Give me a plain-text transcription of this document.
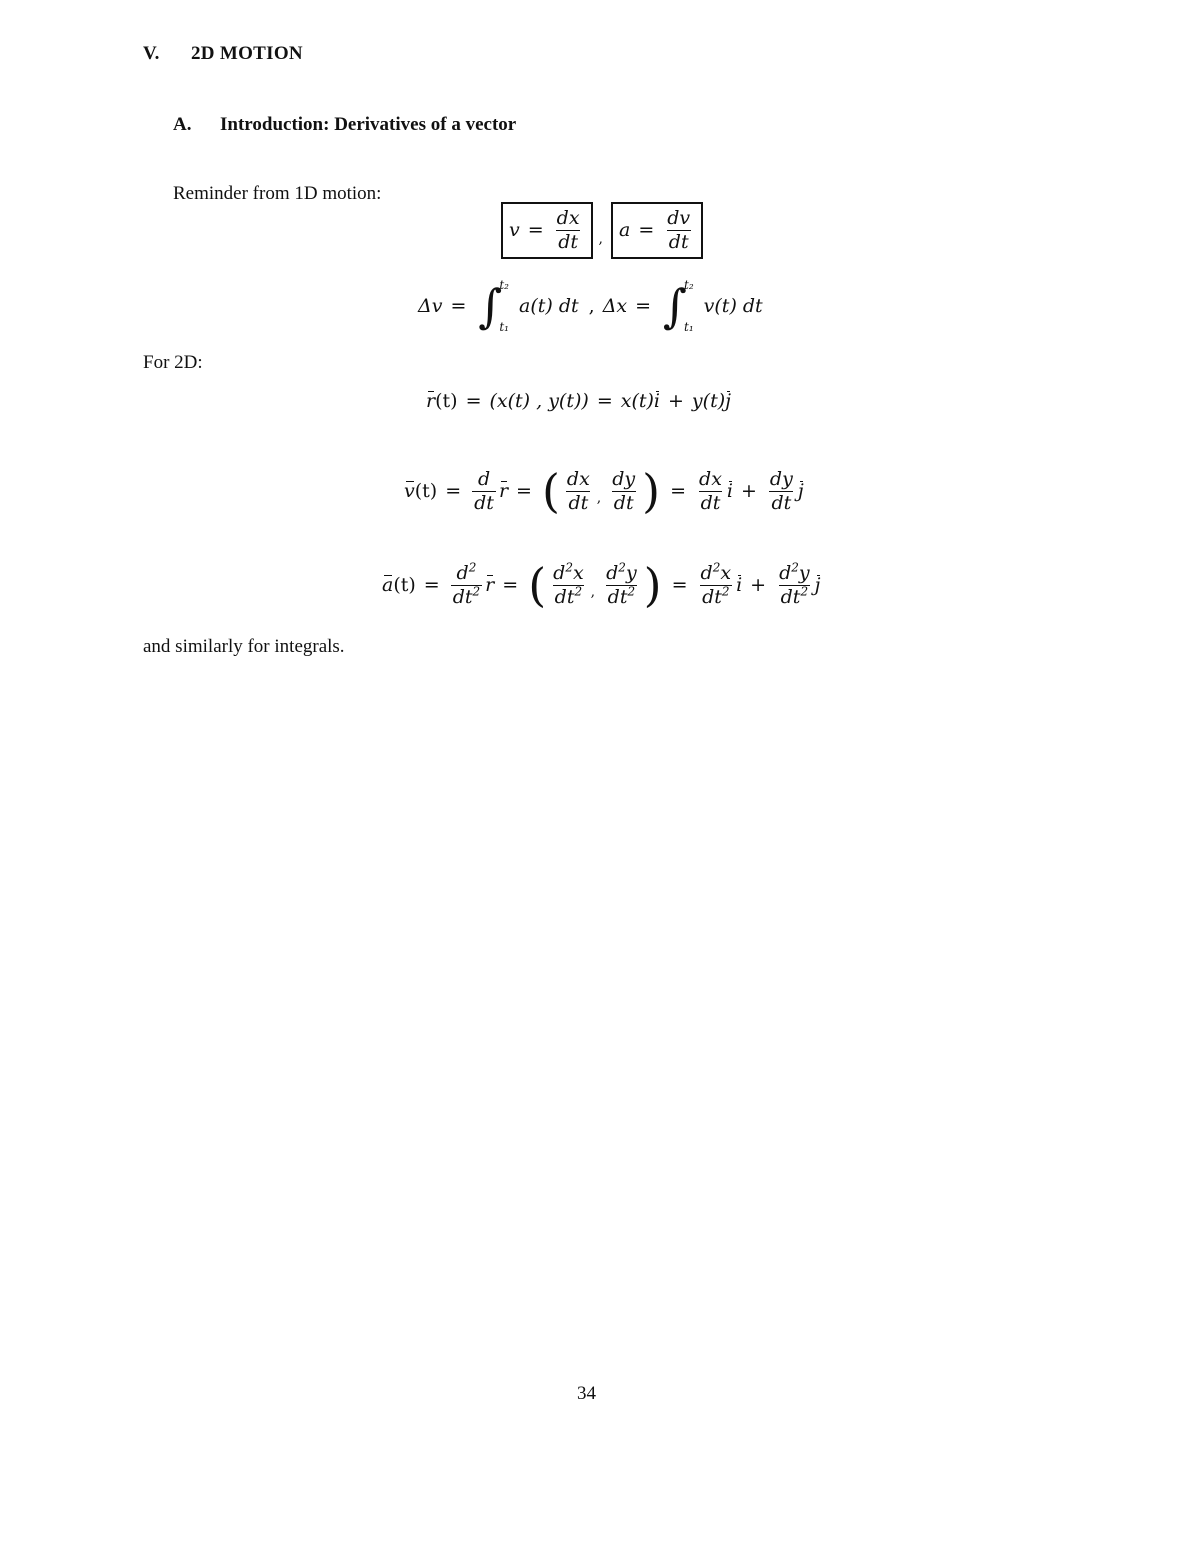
V. 2D MOTION
A. Introduction: Derivatives of a vector
Reminder from 1D motion:
$v = \frac{dx}{dt}$ , $a = \frac{dv}{dt}$
Δv = ∫
t₂
t₁
a(t) dt , Δx = ∫
t₂
t₁
v(t) dt
For 2D:
r (t) = (x(t) , y(t)) = x(t) i + y(t) j
v $(t) = \frac{d}{dt}$ r = ( $\frac{dx}{dt}$ , $\frac{dy}{dt}$ ) = $\frac{dx}{dt}$ $i + \frac{dy}{dt}$ j
a $(t) = \frac{d^2}{dt^2}$ r = ( $\frac{d^2x}{dt^2}$ , $\frac{d^2y}{dt^2}$ ) = $\frac{d^2x}{dt^2}$ $i + \frac{d^2y}{dt^2}$ j
and similarly for integrals.
34
